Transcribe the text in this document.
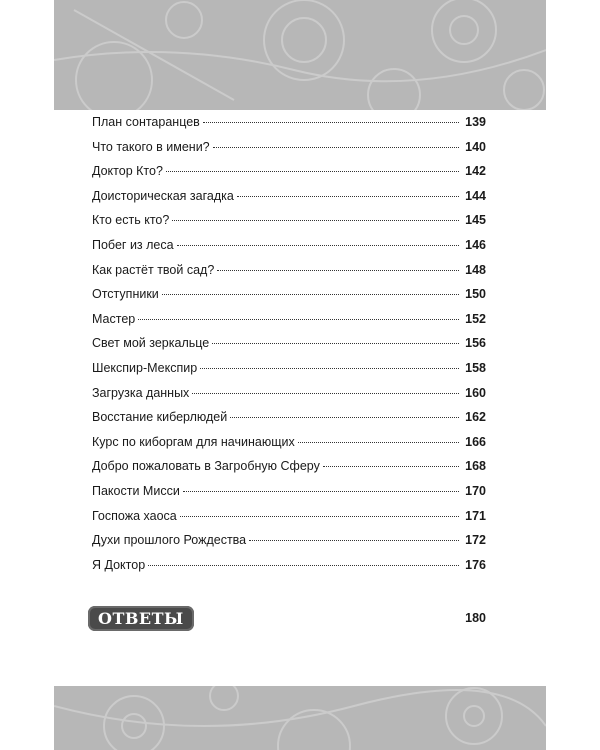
План сонтаранцев	139
Что такого в имени?	140
Доктор Кто?	142
Доисторическая загадка	144
Кто есть кто?	145
Побег из леса	146
Как растёт твой сад?	148
Отступники	150
Мастер	152
Свет мой зеркальце	156
Шекспир-Мекспир	158
Загрузка данных	160
Восстание киберлюдей	162
Курс по киборгам для начинающих	166
Добро пожаловать в Загробную Сферу	168
Пакости Мисси	170
Госпожа хаоса	171
Духи прошлого Рождества	172
Я Доктор	176
ОТВЕТЫ	180
